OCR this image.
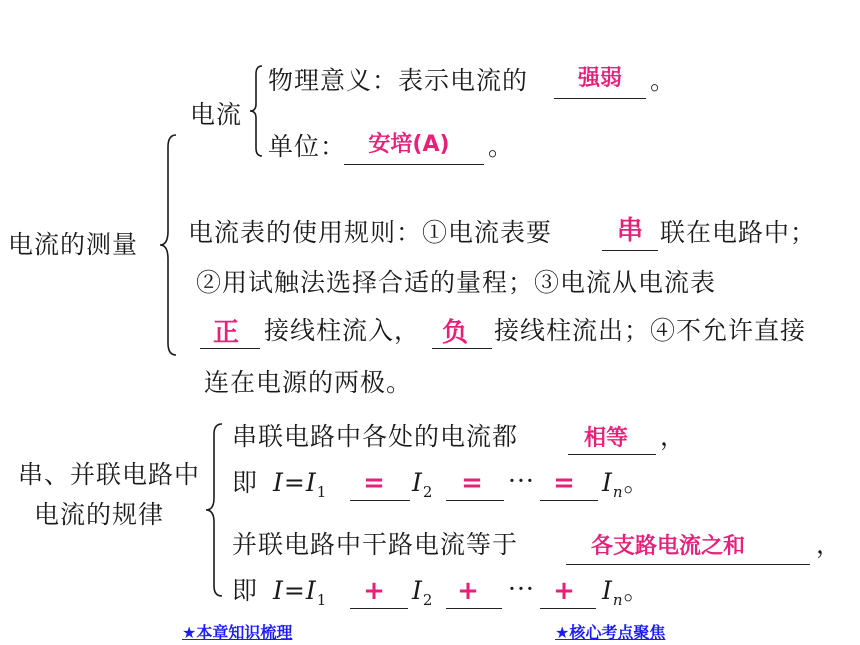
电流的测量
电流
物理意义：表示电流的	强弱	。
单位：	安培(A)	。
电流表的使用规则：①电流表要	串 联在电路中；
②用试触法选择合适的量程；③电流从电流表
正	接线柱流入， 负	接线柱流出；④不允许直接
连在电源的两极。
串、并联电路中
电流的规律
串联电路中各处的电流都	相等	，
即 $I=I_1$	=	$I_2$	=	··· =	$I_n$。
并联电路中干路电流等于	各支路电流之和	，
即 $I=I_1$	+	$I_2$ +	··· +	$I_n$。
★本章知识梳理	★核心考点聚焦
